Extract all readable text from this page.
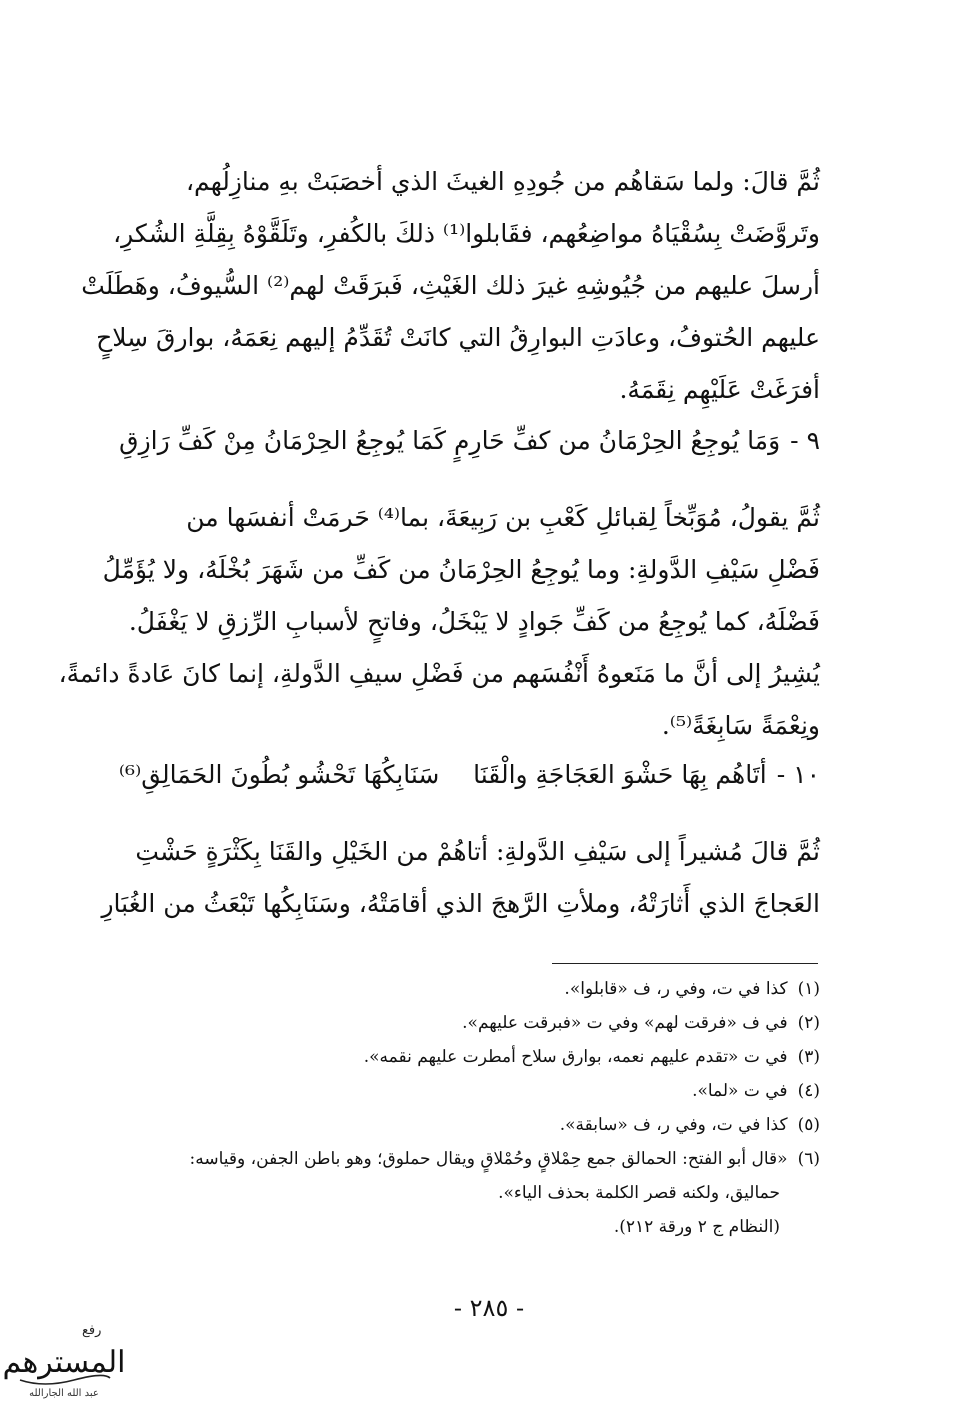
ثُمَّ قالَ: ولما سَقاهُم من جُودِهِ الغيثَ الذي أخصَبَتْ بهِ منازِلُهم،
وتَروَّضَتْ بِسُقْيَاهُ مواضِعُهم، فقَابلوا⁽¹⁾ ذلكَ بالكُفرِ، وتَلَقَّوْهُ بِقِلَّةِ الشُكرِ،
أرسلَ عليهم من جُيُوشِهِ غيرَ ذلك الغَيْثِ، فَبرَقَتْ لهم⁽²⁾ السُّيوفُ، وهَطَلَتْ
عليهم الحُتوفُ، وعادَتِ البوارِقُ التي كانَتْ تُقَدِّمُ إليهم نِعَمَهُ، بوارقَ سِلاحٍ
أفرَغَتْ عَلَيْهِم نِقَمَهُ.
٩ -
وَمَا يُوجِعُ الحِرْمَانُ من كفِّ حَارِمٍ
كَمَا يُوجِعُ الحِرْمَانُ مِنْ كَفِّ رَازِقِ
ثُمَّ يقولُ، مُوَبِّخاً لِقبائلِ كَعْبِ بن رَبِيعَةَ، بما⁽⁴⁾ حَرمَتْ أنفسَها من
فَضْلِ سَيْفِ الدَّولةِ: وما يُوجِعُ الحِرْمَانُ من كَفِّ من شَهَرَ بُخْلَهُ، ولا يُؤَمِّلُ
فَضْلَهُ، كما يُوجِعُ من كَفِّ جَوادٍ لا يَبْخَلُ، وفاتحٍ لأسبابِ الرِّزقِ لا يَغْفَلُ.
يُشِيرُ إلى أنَّ ما مَنَعوهُ أَنْفُسَهم من فَضْلِ سيفِ الدَّولةِ، إنما كانَ عَادةً دائمةً،
ونِعْمَةً سَابِغَةً⁽⁵⁾.
١٠ -
أتَاهُم بِهَا حَشْوَ العَجَاجَةِ والْقَنَا
سَنَابِكُهَا تَحْشُو بُطُونَ الحَمَالِقِ⁽⁶⁾
ثُمَّ قالَ مُشيراً إلى سَيْفِ الدَّولةِ: أتاهُمْ من الخَيْلِ والقَنَا بِكَثْرَةٍ حَشْتِ
العَجاجَ الذي أَثارَتْهُ، وملأتِ الرَّهجَ الذي أقامَتْهُ، وسَنَابِكُها تَبْعَثُ من الغُبَارِ
(١)كذا في ت، وفي ر، ف «قابلوا».
(٢)في ف «فرقت لهم» وفي ت «فبرقت عليهم».
(٣)في ت «تقدم عليهم نعمه، بوارق سلاح أمطرت عليهم نقمه».
(٤)في ت «لما».
(٥)كذا في ت، وفي ر، ف «سابقة».
(٦)«قال أبو الفتح: الحمالق جمع حِمْلاقٍ وحُمْلاقٍ ويقال حملوق؛ وهو باطن الجفن، وقياسه:
حماليق، ولكنه قصر الكلمة بحذف الياء».
(النظام ج ٢ ورقة ٢١٢).
- ٢٨٥ -
رفع
المسترهم
عبد الله الجارالله
